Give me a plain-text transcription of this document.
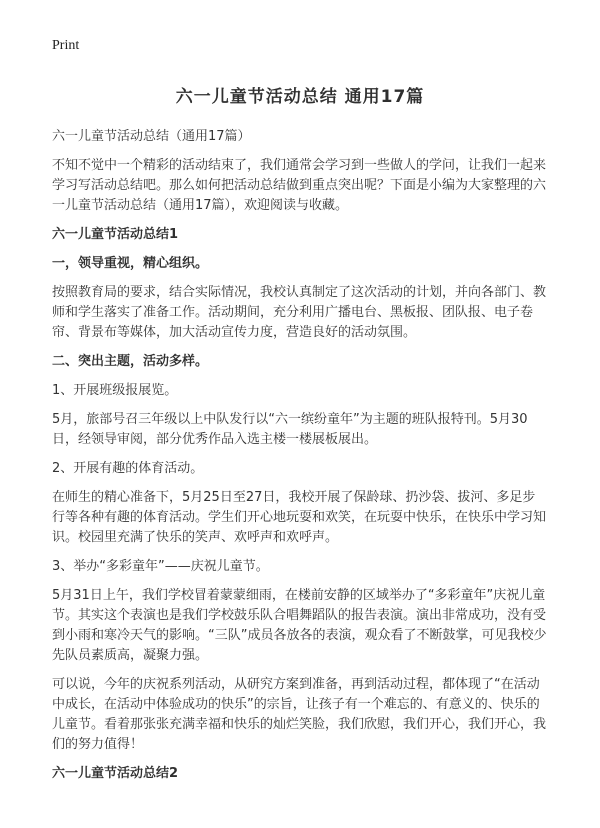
Print
六一儿童节活动总结 通用17篇

六一儿童节活动总结（通用17篇）

不知不觉中一个精彩的活动结束了，我们通常会学习到一些做人的学问，让我们一起来学习写活动总结吧。那么如何把活动总结做到重点突出呢？下面是小编为大家整理的六一儿童节活动总结（通用17篇），欢迎阅读与收藏。

六一儿童节活动总结1

一，领导重视，精心组织。

按照教育局的要求，结合实际情况，我校认真制定了这次活动的计划，并向各部门、教师和学生落实了准备工作。活动期间，充分利用广播电台、黑板报、团队报、电子卷帘、背景布等媒体，加大活动宣传力度，营造良好的活动氛围。

二、突出主题，活动多样。

1、开展班级报展览。

5月，旅部号召三年级以上中队发行以“六一缤纷童年”为主题的班队报特刊。5月30日，经领导审阅，部分优秀作品入选主楼一楼展板展出。

2、开展有趣的体育活动。

在师生的精心准备下，5月25日至27日，我校开展了保龄球、扔沙袋、拔河、多足步行等各种有趣的体育活动。学生们开心地玩耍和欢笑，在玩耍中快乐，在快乐中学习知识。校园里充满了快乐的笑声、欢呼声和欢呼声。

3、举办“多彩童年”——庆祝儿童节。

5月31日上午，我们学校冒着蒙蒙细雨，在楼前安静的区域举办了“多彩童年”庆祝儿童节。其实这个表演也是我们学校鼓乐队合唱舞蹈队的报告表演。演出非常成功，没有受到小雨和寒冷天气的影响。“三队”成员各放各的表演，观众看了不断鼓掌，可见我校少先队员素质高，凝聚力强。

可以说，今年的庆祝系列活动，从研究方案到准备，再到活动过程，都体现了“在活动中成长，在活动中体验成功的快乐”的宗旨，让孩子有一个难忘的、有意义的、快乐的儿童节。看着那张张充满幸福和快乐的灿烂笑脸，我们欣慰，我们开心，我们开心，我们的努力值得！

六一儿童节活动总结2
